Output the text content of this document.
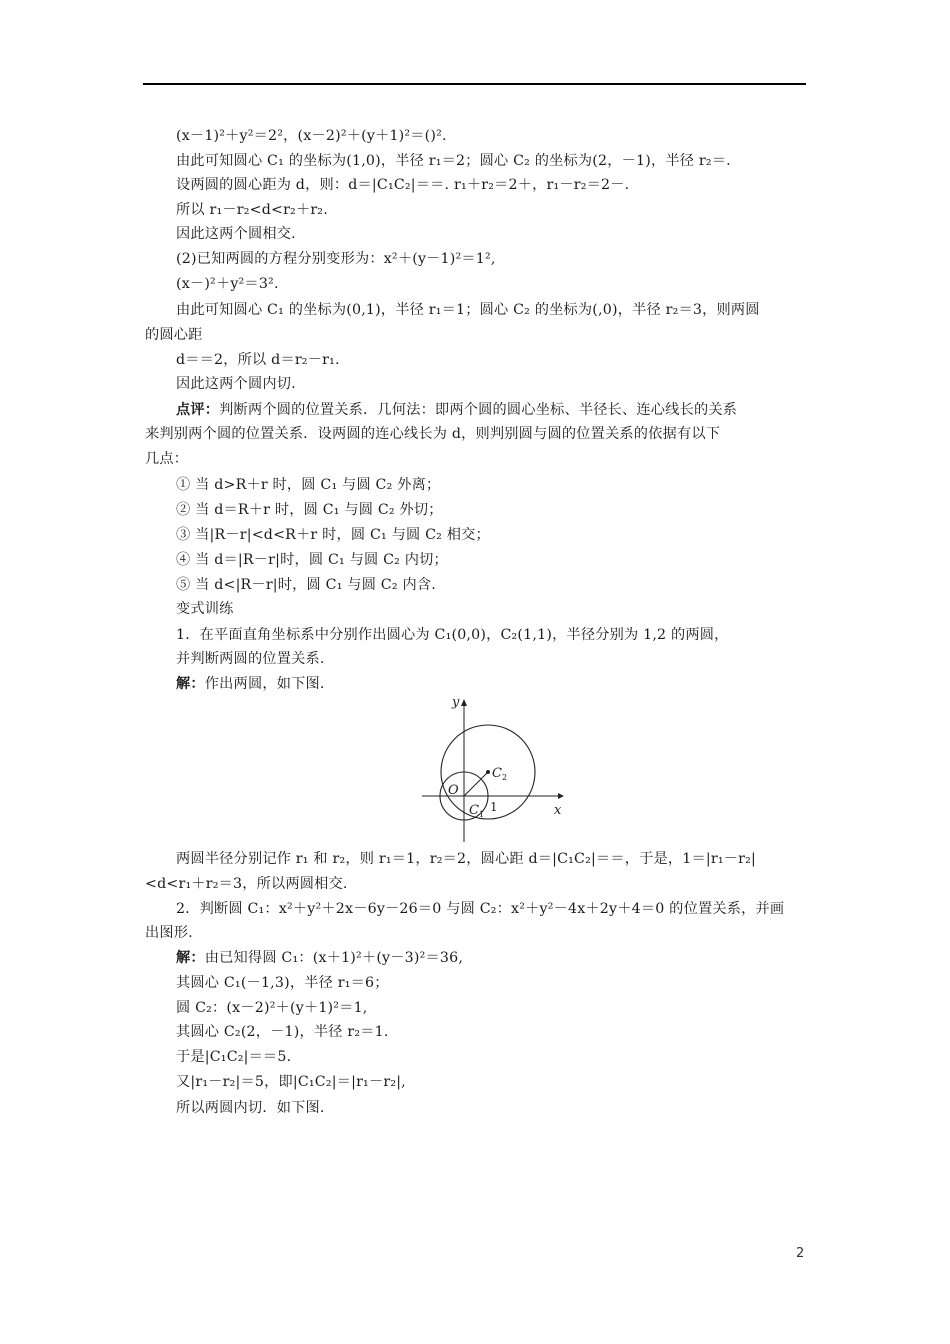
(x－1)²＋y²＝2²，(x－2)²＋(y＋1)²＝()².
由此可知圆心 C₁ 的坐标为(1,0)，半径 r₁＝2；圆心 C₂ 的坐标为(2，－1)，半径 r₂＝.
设两圆的圆心距为 d，则：d＝|C₁C₂|＝＝. r₁＋r₂＝2＋，r₁－r₂＝2－.
所以 r₁－r₂<d<r₂＋r₂.
因此这两个圆相交.
(2)已知两圆的方程分别变形为：x²＋(y－1)²＝1²,
(x－)²＋y²＝3².
由此可知圆心 C₁ 的坐标为(0,1)，半径 r₁＝1；圆心 C₂ 的坐标为(,0)，半径 r₂＝3，则两圆
的圆心距
d＝＝2，所以 d＝r₂－r₁.
因此这两个圆内切.
点评：判断两个圆的位置关系．几何法：即两个圆的圆心坐标、半径长、连心线长的关系
来判别两个圆的位置关系．设两圆的连心线长为 d，则判别圆与圆的位置关系的依据有以下
几点：
① 当 d>R＋r 时，圆 C₁ 与圆 C₂ 外离；
② 当 d＝R＋r 时，圆 C₁ 与圆 C₂ 外切；
③ 当|R－r|<d<R＋r 时，圆 C₁ 与圆 C₂ 相交；
④ 当 d＝|R－r|时，圆 C₁ 与圆 C₂ 内切；
⑤ 当 d<|R－r|时，圆 C₁ 与圆 C₂ 内含.
变式训练
1．在平面直角坐标系中分别作出圆心为 C₁(0,0)，C₂(1,1)，半径分别为 1,2 的两圆，
并判断两圆的位置关系.
解：作出两圆，如下图.
两圆半径分别记作 r₁ 和 r₂，则 r₁＝1，r₂＝2，圆心距 d＝|C₁C₂|＝＝，于是，1＝|r₁－r₂|
<d<r₁＋r₂＝3，所以两圆相交.
2．判断圆 C₁：x²＋y²＋2x－6y－26＝0 与圆 C₂：x²＋y²－4x＋2y＋4＝0 的位置关系，并画
出图形.
解：由已知得圆 C₁：(x＋1)²＋(y－3)²＝36,
其圆心 C₁(－1,3)，半径 r₁＝6；
圆 C₂：(x－2)²＋(y＋1)²＝1,
其圆心 C₂(2，－1)，半径 r₂＝1.
于是|C₁C₂|＝＝5.
又|r₁－r₂|＝5，即|C₁C₂|＝|r₁－r₂|,
所以两圆内切．如下图.
y
x
O
$C_1$
1
$C_2$
2
